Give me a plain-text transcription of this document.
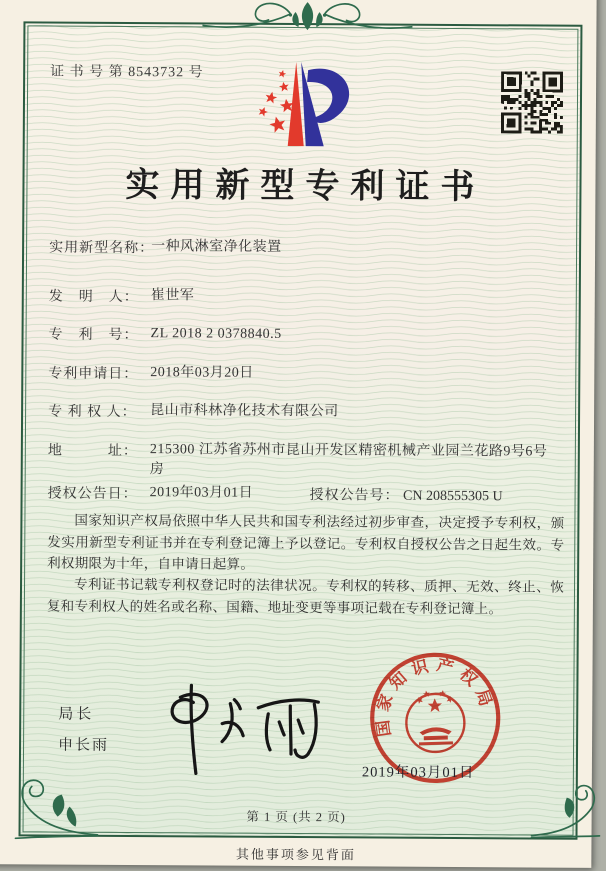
证 书 号 第 8543732 号
实用新型专利证书
实用新型名称：
一种风淋室净化装置
发　明　人： 崔世军
专　利　号： ZL 2018 2 0378840.5
专利申请日： 2018年03月20日
专 利 权 人： 昆山市科林净化技术有限公司
地　　　址： 215300 江苏省苏州市昆山开发区精密机械产业园兰花路9号6号房
授权公告日： 2019年03月01日	授权公告号： CN 208555305 U
国家知识产权局依照中华人民共和国专利法经过初步审查，决定授予专利权，颁发实用新型专利证书并在专利登记簿上予以登记。专利权自授权公告之日起生效。专利权期限为十年，自申请日起算。
专利证书记载专利权登记时的法律状况。专利权的转移、质押、无效、终止、恢复和专利权人的姓名或名称、国籍、地址变更等事项记载在专利登记簿上。
局长
申长雨
国家知识产权局
2019年03月01日
第 1 页 (共 2 页)
其他事项参见背面
